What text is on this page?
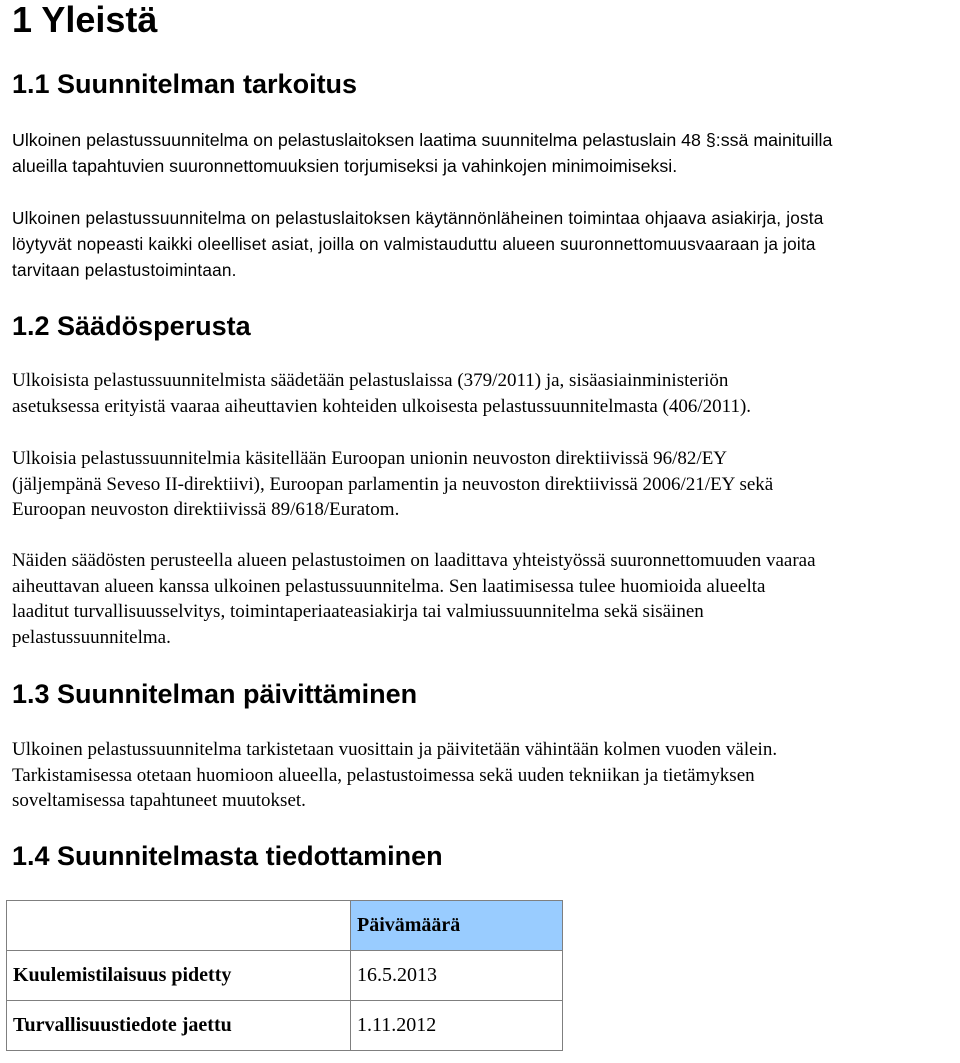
1 Yleistä
1.1 Suunnitelman tarkoitus
Ulkoinen pelastussuunnitelma on pelastuslaitoksen laatima suunnitelma pelastuslain 48 §:ssä mainituilla
alueilla tapahtuvien suuronnettomuuksien torjumiseksi ja vahinkojen minimoimiseksi.
Ulkoinen pelastussuunnitelma on pelastuslaitoksen käytännönläheinen toimintaa ohjaava asiakirja, josta
löytyvät nopeasti kaikki oleelliset asiat, joilla on valmistauduttu alueen suuronnettomuusvaaraan ja joita
tarvitaan pelastustoimintaan.
1.2 Säädösperusta
Ulkoisista pelastussuunnitelmista säädetään pelastuslaissa (379/2011) ja, sisäasiainministeriön
asetuksessa erityistä vaaraa aiheuttavien kohteiden ulkoisesta pelastussuunnitelmasta (406/2011).
Ulkoisia pelastussuunnitelmia käsitellään Euroopan unionin neuvoston direktiivissä 96/82/EY
(jäljempänä Seveso II-direktiivi), Euroopan parlamentin ja neuvoston direktiivissä 2006/21/EY sekä
Euroopan neuvoston direktiivissä 89/618/Euratom.
Näiden säädösten perusteella alueen pelastustoimen on laadittava yhteistyössä suuronnettomuuden vaaraa
aiheuttavan alueen kanssa ulkoinen pelastussuunnitelma. Sen laatimisessa tulee huomioida alueelta
laaditut turvallisuusselvitys, toimintaperiaateasiakirja tai valmiussuunnitelma sekä sisäinen
pelastussuunnitelma.
1.3 Suunnitelman päivittäminen
Ulkoinen pelastussuunnitelma tarkistetaan vuosittain ja päivitetään vähintään kolmen vuoden välein.
Tarkistamisessa otetaan huomioon alueella, pelastustoimessa sekä uuden tekniikan ja tietämyksen
soveltamisessa tapahtuneet muutokset.
1.4 Suunnitelmasta tiedottaminen
	Päivämäärä
Kuulemistilaisuus pidetty	16.5.2013
Turvallisuustiedote jaettu	1.11.2012
